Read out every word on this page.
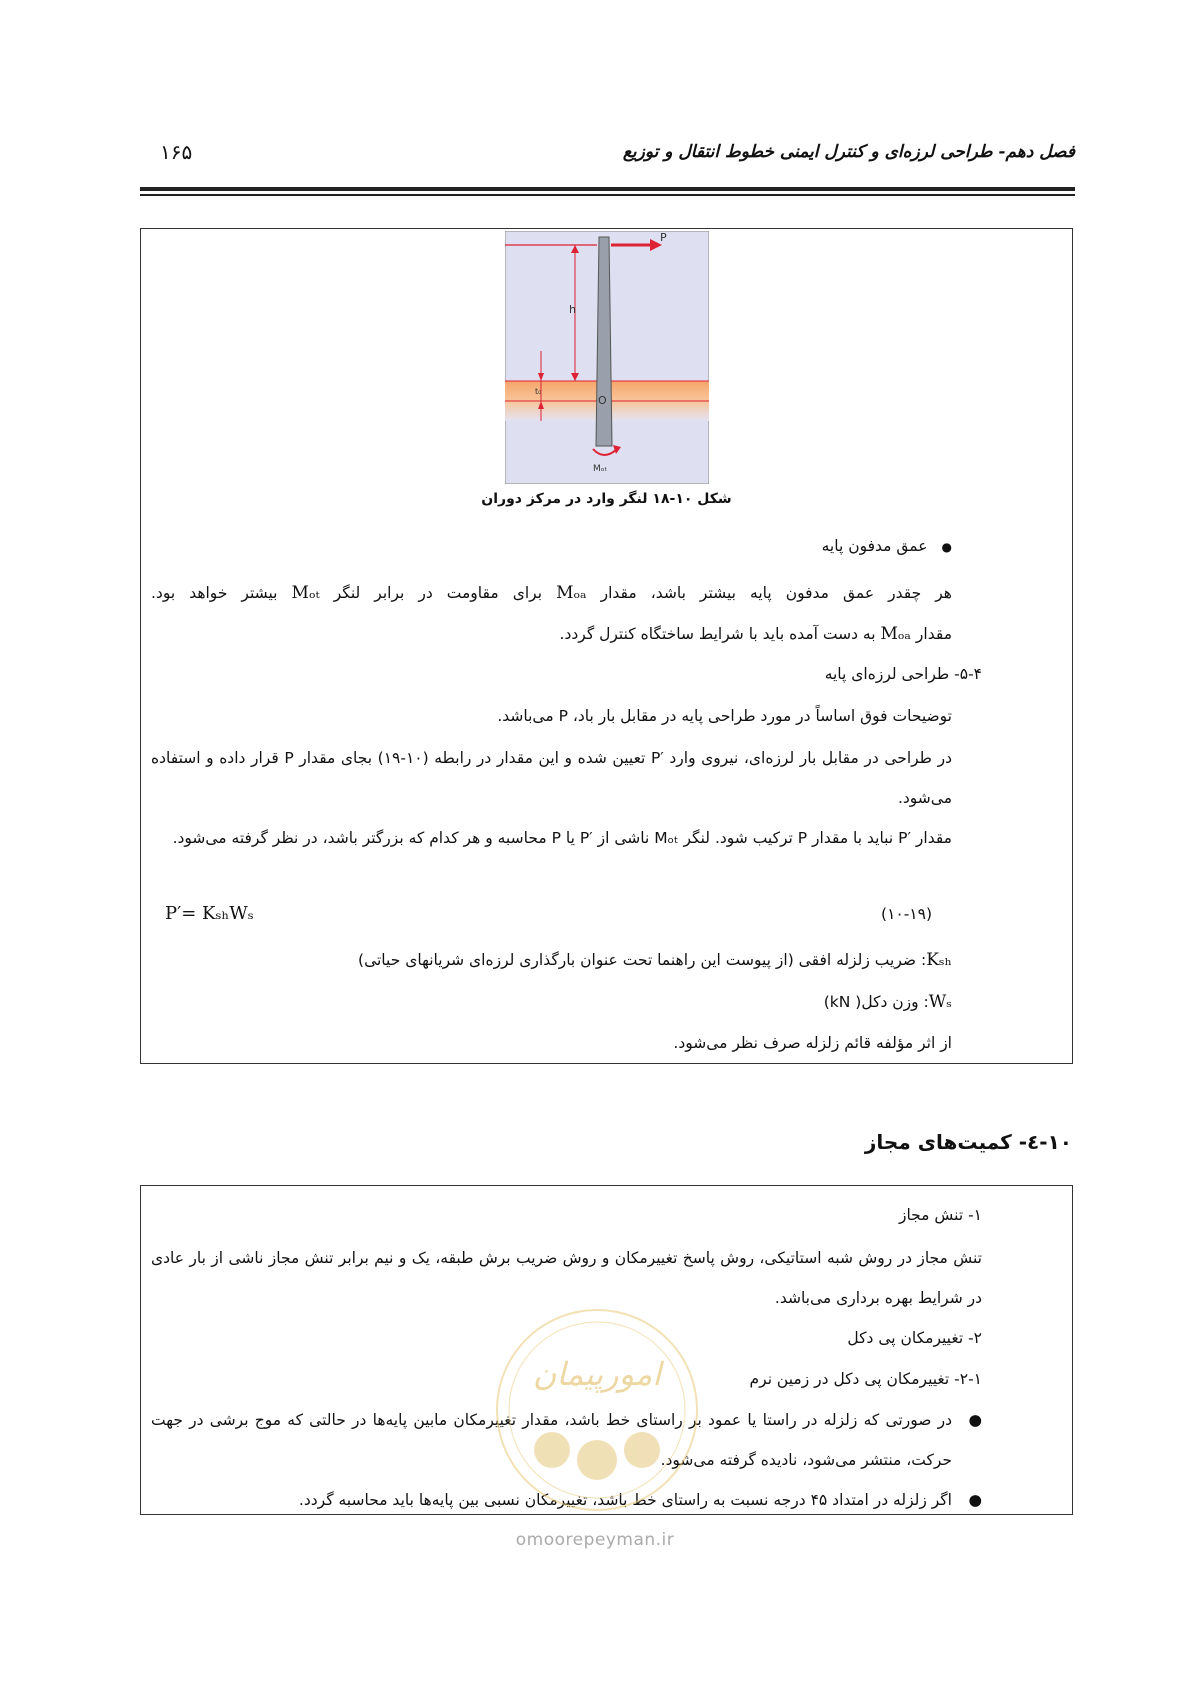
فصل دهم- طراحی لرزه‌ای و کنترل ایمنی خطوط انتقال و توزیع
۱۶۵
P
h
t₀
O
Mₒₜ
شکل ۱۰-۱۸ لنگر وارد در مرکز دوران
●عمق مدفون پایه
هر چقدر عمق مدفون پایه بیشتر باشد، مقدار Mₒₐ برای مقاومت در برابر لنگر Mₒₜ بیشتر خواهد بود.
مقدار Mₒₐ به دست آمده باید با شرایط ساختگاه کنترل گردد.
۵-۴- طراحی لرزه‌ای پایه
توضیحات فوق اساساً در مورد طراحی پایه در مقابل بار باد، P می‌باشد.
در طراحی در مقابل بار لرزه‌ای، نیروی وارد ′P تعیین شده و این مقدار در رابطه (۱۰-۱۹) بجای مقدار P قرار داده و استفاده می‌شود.
مقدار ′P نباید با مقدار P ترکیب شود. لنگر Mₒₜ ناشی از ′P یا P محاسبه و هر کدام که بزرگتر باشد، در نظر گرفته می‌شود.
P′= KₛₕWₛ	(۱۰-۱۹)
Kₛₕ: ضریب زلزله افقی (از پیوست این راهنما تحت عنوان بارگذاری لرزه‌ای شریانهای حیاتی)
Wₛ: وزن دکل( kN)
از اثر مؤلفه قائم زلزله صرف نظر می‌شود.
۱۰-٤- کمیت‌های مجاز
۱- تنش مجاز
تنش مجاز در روش شبه استاتیکی، روش پاسخ تغییرمکان و روش ضریب برش طبقه، یک و نیم برابر تنش مجاز ناشی از بار عادی در شرایط بهره برداری می‌باشد.
۲- تغییرمکان پی دکل
۲-۱- تغییرمکان پی دکل در زمین نرم
●
در صورتی که زلزله در راستا یا عمود بر راستای خط باشد، مقدار تغییرمکان مابین پایه‌ها در حالتی که موج برشی در جهت حرکت، منتشر می‌شود، نادیده گرفته می‌شود.
●
اگر زلزله در امتداد ۴۵ درجه نسبت به راستای خط باشد، تغییرمکان نسبی بین پایه‌ها باید محاسبه گردد.
امورپیمان
omoorepeyman.ir
